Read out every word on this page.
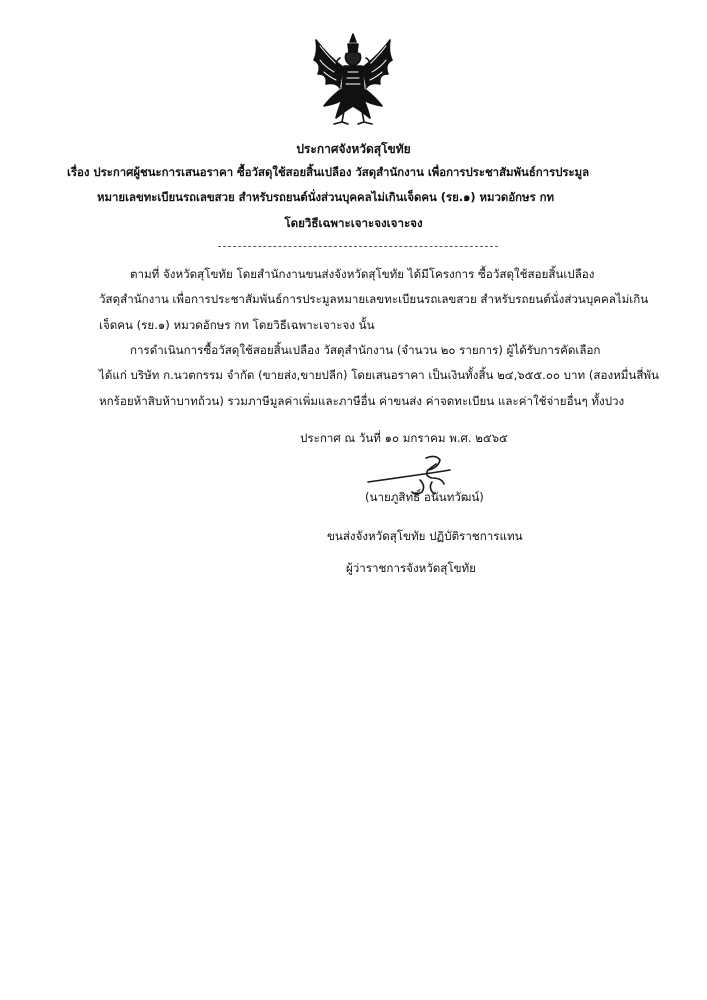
ประกาศจังหวัดสุโขทัย
เรื่อง ประกาศผู้ชนะการเสนอราคา ซื้อวัสดุใช้สอยสิ้นเปลือง วัสดุสำนักงาน เพื่อการประชาสัมพันธ์การประมูล
หมายเลขทะเบียนรถเลขสวย สำหรับรถยนต์นั่งส่วนบุคคลไม่เกินเจ็ดคน (รย.๑) หมวดอักษร กท
โดยวิธีเฉพาะเจาะจงเจาะจง
ตามที่ จังหวัดสุโขทัย โดยสำนักงานขนส่งจังหวัดสุโขทัย ได้มีโครงการ ซื้อวัสดุใช้สอยสิ้นเปลือง
วัสดุสำนักงาน เพื่อการประชาสัมพันธ์การประมูลหมายเลขทะเบียนรถเลขสวย สำหรับรถยนต์นั่งส่วนบุคคลไม่เกิน
เจ็ดคน (รย.๑) หมวดอักษร กท โดยวิธีเฉพาะเจาะจง นั้น
การดำเนินการซื้อวัสดุใช้สอยสิ้นเปลือง วัสดุสำนักงาน (จำนวน ๒๐ รายการ) ผู้ได้รับการคัดเลือก
ได้แก่ บริษัท ก.นวตกรรม จำกัด (ขายส่ง,ขายปลีก) โดยเสนอราคา เป็นเงินทั้งสิ้น ๒๔,๖๕๕.๐๐ บาท (สองหมื่นสี่พัน
หกร้อยห้าสิบห้าบาทถ้วน) รวมภาษีมูลค่าเพิ่มและภาษีอื่น ค่าขนส่ง ค่าจดทะเบียน และค่าใช้จ่ายอื่นๆ ทั้งปวง
ประกาศ ณ วันที่ ๑๐ มกราคม พ.ศ. ๒๕๖๕
(นายภูสิทธิ์ อนันทวัฒน์)
ขนส่งจังหวัดสุโขทัย ปฏิบัติราชการแทน
ผู้ว่าราชการจังหวัดสุโขทัย
